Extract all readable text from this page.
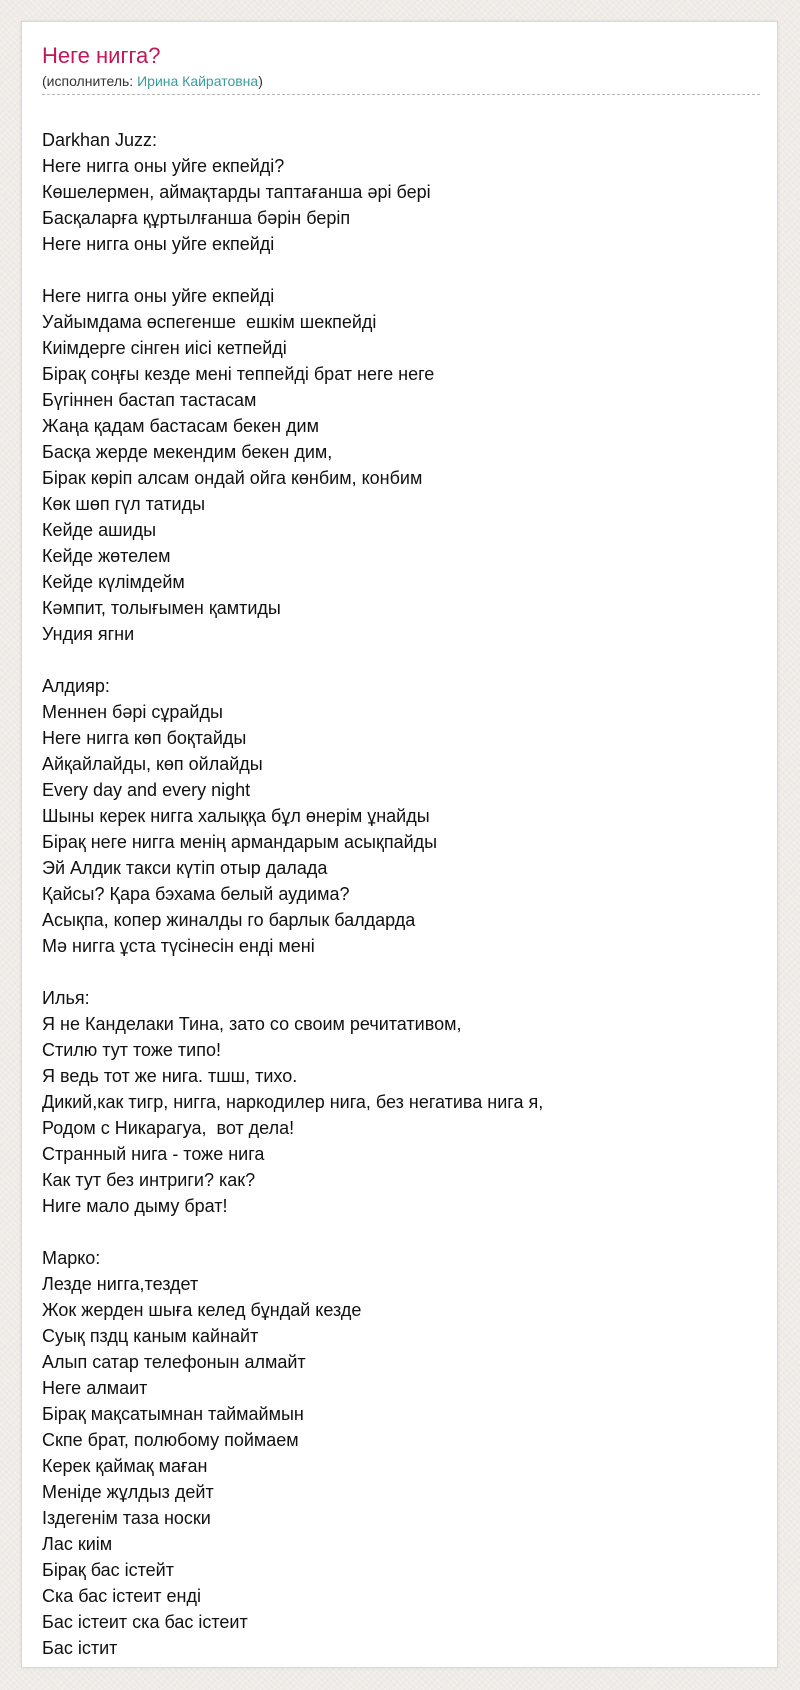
Неге нигга?
(исполнитель: Ирина Кайратовна)
Darkhan Juzz:
Неге нигга оны уйге екпейді?
Көшелермен, аймақтарды таптағанша әрі бері
Басқаларға құртылғанша бәрін беріп
Неге нигга оны уйге екпейді
Неге нигга оны уйге екпейді
Уайымдама өспегенше  ешкім шекпейді
Киімдерге сінген иісі кетпейді
Бірақ соңғы кезде мені теппейді брат неге неге
Бүгіннен бастап тастасам
Жаңа қадам бастасам бекен дим
Басқа жерде мекендим бекен дим,
Бірак көріп алсам ондай ойга көнбим, конбим
Көк шөп гүл татиды
Кейде ашиды
Кейде жөтелем
Кейде күлімдейм
Кәмпит, толығымен қамтиды
Ундия ягни
Алдияр:
Меннен бәрі сұрайды
Неге нигга көп боқтайды
Айқайлайды, көп ойлайды
Every day and every night
Шыны керек нигга халыққа бұл өнерім ұнайды
Бірақ неге нигга менің армандарым асықпайды
Эй Алдик такси күтіп отыр далада
Қайсы? Қара бэхама белый аудима?
Асықпа, копер жиналды го барлык балдарда
Мә нигга ұста түсінесін енді мені
Илья:
Я не Канделаки Тина, зато со своим речитативом,
Стилю тут тоже типо!
Я ведь тот же нига. тшш, тихо.
Дикий,как тигр, нигга, наркодилер нига, без негатива нига я,
Родом с Никарагуа,  вот дела!
Странный нига - тоже нига
Как тут без интриги? как?
Ниге мало дыму брат!
Марко:
Лезде нигга,тездет
Жок жерден шыға келед бұндай кезде
Суық пздц каным кайнайт
Алып сатар телефонын алмайт
Неге алмаит
Бірақ мақсатымнан таймаймын
Скпе брат, полюбому поймаем
Керек қаймақ маған
Меніде жұлдыз дейт
Іздегенім таза носки
Лас киім
Бірақ бас істейт
Ска бас істеит енді
Бас істеит ска бас істеит
Бас істит
